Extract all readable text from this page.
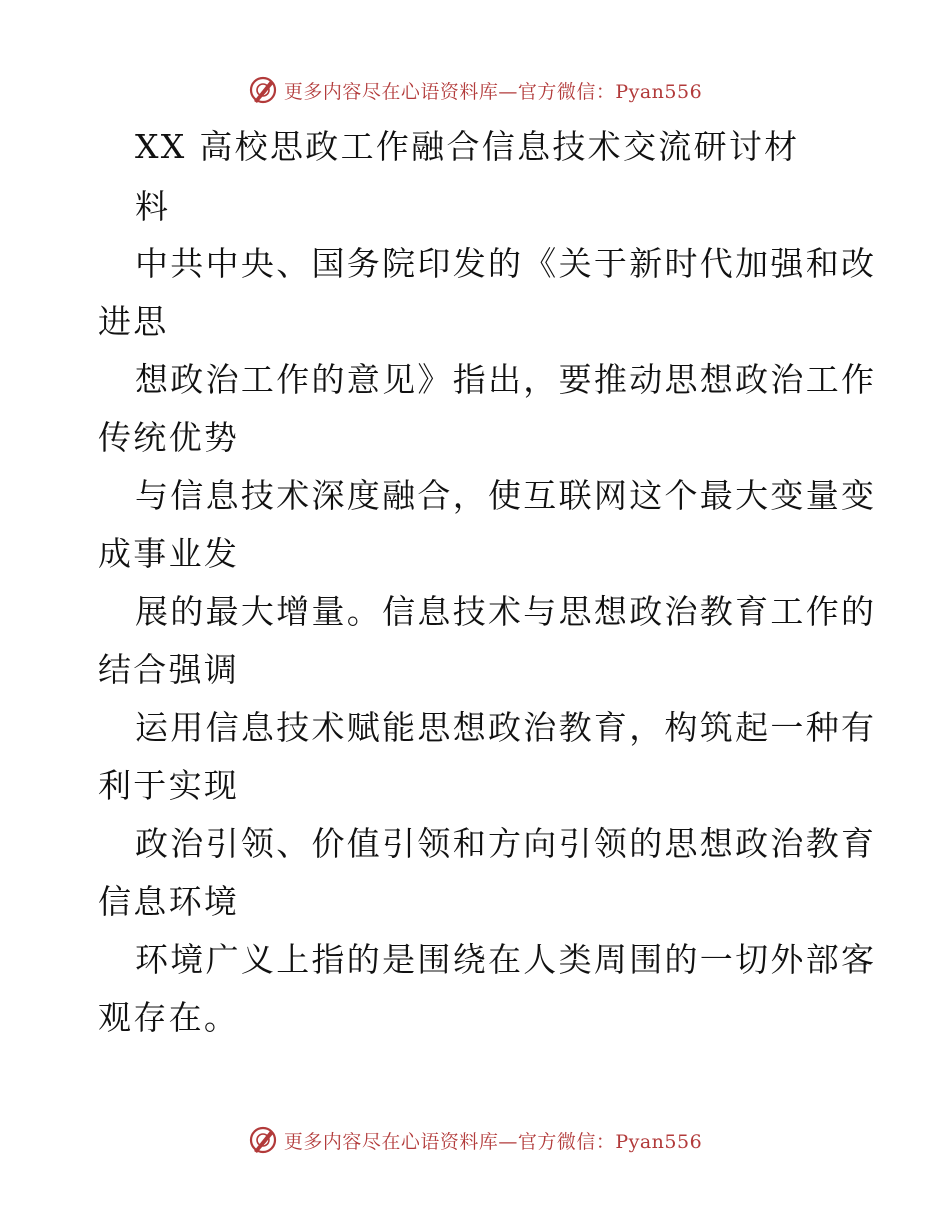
更多内容尽在心语资料库—官方微信：Pyan556
XX 高校思政工作融合信息技术交流研讨材
料
中共中央、国务院印发的《关于新时代加强和改
进思
想政治工作的意见》指出，要推动思想政治工作
传统优势
与信息技术深度融合，使互联网这个最大变量变
成事业发
展的最大增量。信息技术与思想政治教育工作的
结合强调
运用信息技术赋能思想政治教育，构筑起一种有
利于实现
政治引领、价值引领和方向引领的思想政治教育
信息环境
环境广义上指的是围绕在人类周围的一切外部客
观存在。
更多内容尽在心语资料库—官方微信：Pyan556
